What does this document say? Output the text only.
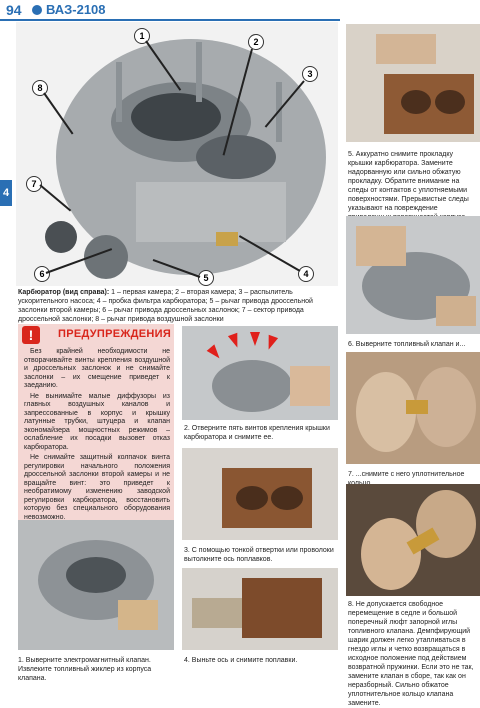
94 ВАЗ-2108
4
1
2
3
4
5
6
7
8
Карбюратор (вид справа): 1 – первая камера; 2 – вторая камера; 3 – распылитель ускорительного насоса; 4 – пробка фильтра карбюратора; 5 – рычаг привода дроссельной заслонки второй камеры; 6 – рычаг привода дроссельных заслонок; 7 – сектор привода дроссельной заслонки; 8 – рычаг привода воздушной заслонки
!	ПРЕДУПРЕЖДЕНИЯ

Без крайней необходимости не отворачивайте винты крепления воздушной и дроссельных заслонок и не снимайте заслонки – их смещение приведет к заеданию.

Не вынимайте малые диффузоры из главных воздушных каналов и запрессованные в корпус и крышку латунные трубки, штуцера и клапан экономайзера мощностных режимов – ослабление их посадки вызовет отказ карбюратора.

Не снимайте защитный колпачок винта регулировки начального положения дроссельной заслонки второй камеры и не вращайте винт: это приведет к необратимому изменению заводской регулировки карбюратора, восстановить которую без специального оборудования невозможно.

1. Выверните электромагнитный клапан. Извлеките топливный жиклер из корпуса клапана.
2. Отверните пять винтов крепления крышки карбюратора и снимите ее.
3. С помощью тонкой отвертки или проволоки вытолкните ось поплавков.
4. Выньте ось и снимите поплавки.
5. Аккуратно снимите прокладку крышки карбюратора. Замените надорванную или сильно обжатую прокладку. Обратите внимание на следы от контактов с уплотняемыми поверхностями. Прерывистые следы указывают на повреждение
6. Выверните топливный клапан и...
7. ...снимите с него уплотнительное
8. Не допускается свободное перемещение в седле и большой поперечный люфт запорной иглы топливного клапана. Демпфирующий шарик должен легко утапливаться в гнездо иглы и четко возвращаться в исходное положение под действием возвратной пружинки. Если это не так, замените клапан в сборе, так как он неразборный. Сильно обжатое уплотнительное кольцо клапана замените.
